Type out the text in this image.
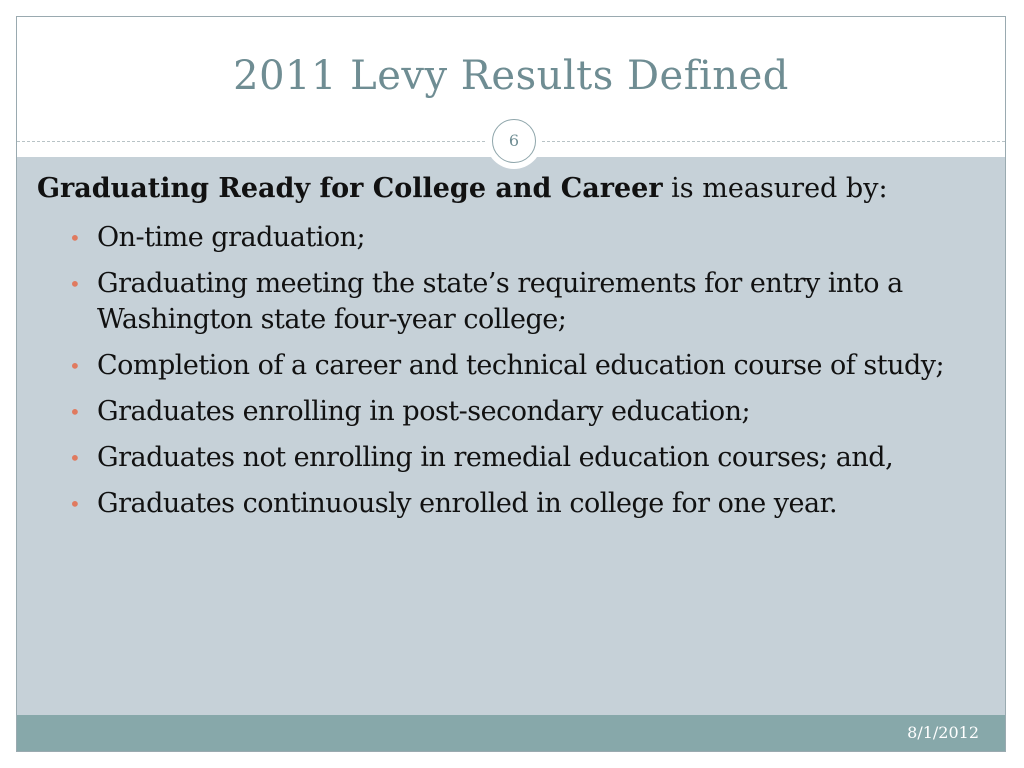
2011 Levy Results Defined
6

Graduating Ready for College and Career is measured by:

• On-time graduation;
• Graduating meeting the state’s requirements for entry into a Washington state four-year college;
• Completion of a career and technical education course of study;
• Graduates enrolling in post-secondary education;
• Graduates not enrolling in remedial education courses; and,
• Graduates continuously enrolled in college for one year.
8/1/2012
